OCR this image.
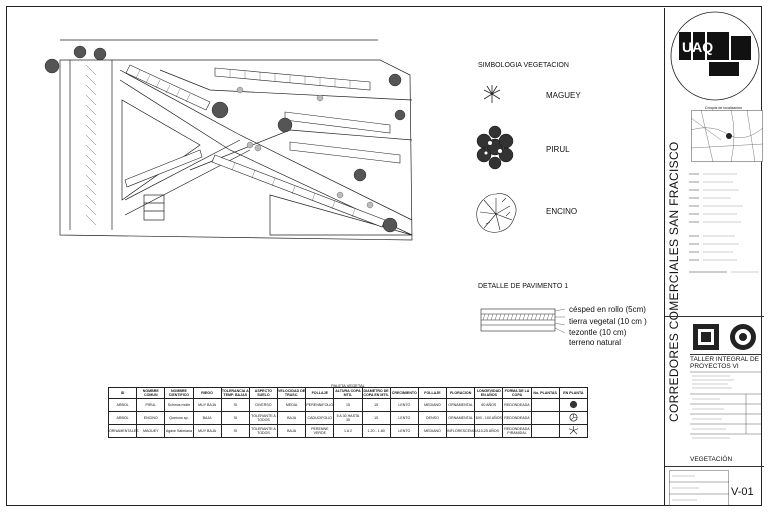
SIMBOLOGIA VEGETACION
MAGUEY
PIRUL
ENCINO
DETALLE DE PAVIMENTO 1
césped en rollo (5cm)
tierra vegetal (10 cm )
tezontle (10 cm)
terreno natural
PALETA VEGETAL
ID	NOMBRE COMUN	NOMBRE CIENTIFICO	RIEGO	TOLERANCIA A TEMP. BAJAS	ASPECTO SUELO	VELOCIDAD DE TRASC.	FOLLAJE	ALTURA COPA MTS.	DIAMETRO DE COPA EN MTS.	CRECIMIENTO	FOLLAJE	FLORACION	LONGEVIDAD EN AÑOS	FORMA DE LA COPA	No. PLANTAS	EN PLANTA
ARBOL	PIRUL	Schinus molle	MUY BAJA	SI	DIVERSO	MEDIA	PERENNIFOLIO	15	15	LENTO	MEDIANO	ORNAMENTAL	60 AÑOS	REDONDEADA		
ARBOL	ENCINO	Quercus sp.	BAJA	SI	TOLERANTE A TODOS	BAJA	CADUCIFOLIO	5 A 30 HASTA 35	15	LENTO	DENSO	ORNAMENTAL	600 - 100 AÑOS	REDONDEADA		
ORNAMENTALES	MAGUEY	Agave Salmiana	MUY BAJA	SI	TOLERANTE A TODOS	BAJA	PERENNE VERDE	1 A 2	1.20 - 1.80	LENTO	MEDIANO	INFLORESCENCIA	10-25 AÑOS	REDONDEADA PIRAMIDAL		
UAQ
Croquis de localización
CORREDORES COMERCIALES SAN FRACISCO TALLER INTEGRAL DE PROYECTOS VI
VEGETACIÓN
V-01
